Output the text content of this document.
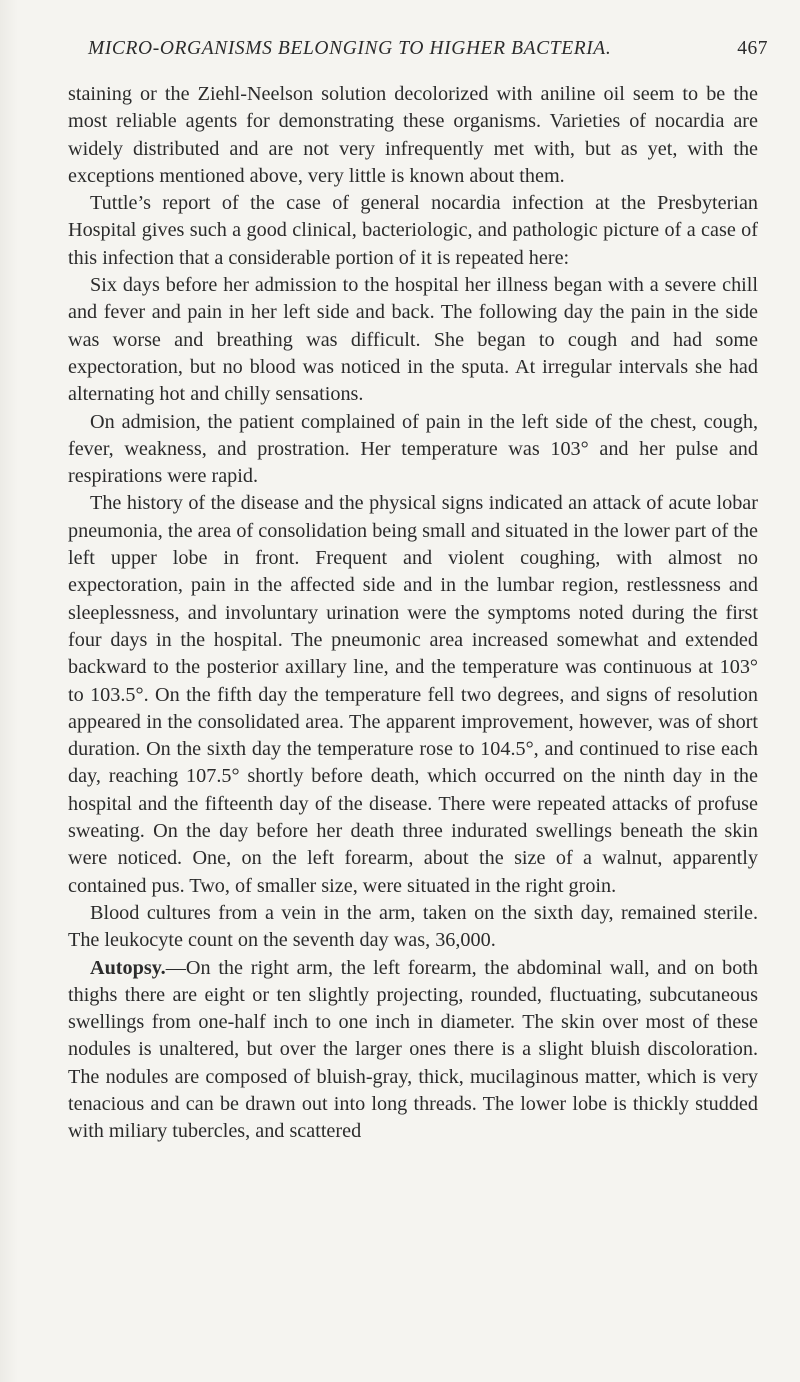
MICRO-ORGANISMS BELONGING TO HIGHER BACTERIA.	467

staining or the Ziehl-Neelson solution decolorized with aniline oil seem to be the most reliable agents for demonstrating these organisms. Varieties of nocardia are widely distributed and are not very infrequently met with, but as yet, with the exceptions mentioned above, very little is known about them.

Tuttle’s report of the case of general nocardia infection at the Presbyterian Hospital gives such a good clinical, bacteriologic, and pathologic picture of a case of this infection that a considerable portion of it is repeated here:

Six days before her admission to the hospital her illness began with a severe chill and fever and pain in her left side and back. The following day the pain in the side was worse and breathing was difficult. She began to cough and had some expectoration, but no blood was noticed in the sputa. At irregular intervals she had alternating hot and chilly sensations.

On admision, the patient complained of pain in the left side of the chest, cough, fever, weakness, and prostration. Her temperature was 103° and her pulse and respirations were rapid.

The history of the disease and the physical signs indicated an attack of acute lobar pneumonia, the area of consolidation being small and situated in the lower part of the left upper lobe in front. Frequent and violent coughing, with almost no expectoration, pain in the affected side and in the lumbar region, restlessness and sleeplessness, and involuntary urination were the symptoms noted during the first four days in the hospital. The pneumonic area increased somewhat and extended backward to the posterior axillary line, and the temperature was continuous at 103° to 103.5°. On the fifth day the temperature fell two degrees, and signs of resolution appeared in the consolidated area. The apparent improvement, however, was of short duration. On the sixth day the temperature rose to 104.5°, and continued to rise each day, reaching 107.5° shortly before death, which occurred on the ninth day in the hospital and the fifteenth day of the disease. There were repeated attacks of profuse sweating. On the day before her death three indurated swellings beneath the skin were noticed. One, on the left forearm, about the size of a walnut, apparently contained pus. Two, of smaller size, were situated in the right groin.

Blood cultures from a vein in the arm, taken on the sixth day, remained sterile. The leukocyte count on the seventh day was, 36,000.

Autopsy.—On the right arm, the left forearm, the abdominal wall, and on both thighs there are eight or ten slightly projecting, rounded, fluctuating, subcutaneous swellings from one-half inch to one inch in diameter. The skin over most of these nodules is unaltered, but over the larger ones there is a slight bluish discoloration. The nodules are composed of bluish-gray, thick, mucilaginous matter, which is very tenacious and can be drawn out into long threads. The lower lobe is thickly studded with miliary tubercles, and scattered
